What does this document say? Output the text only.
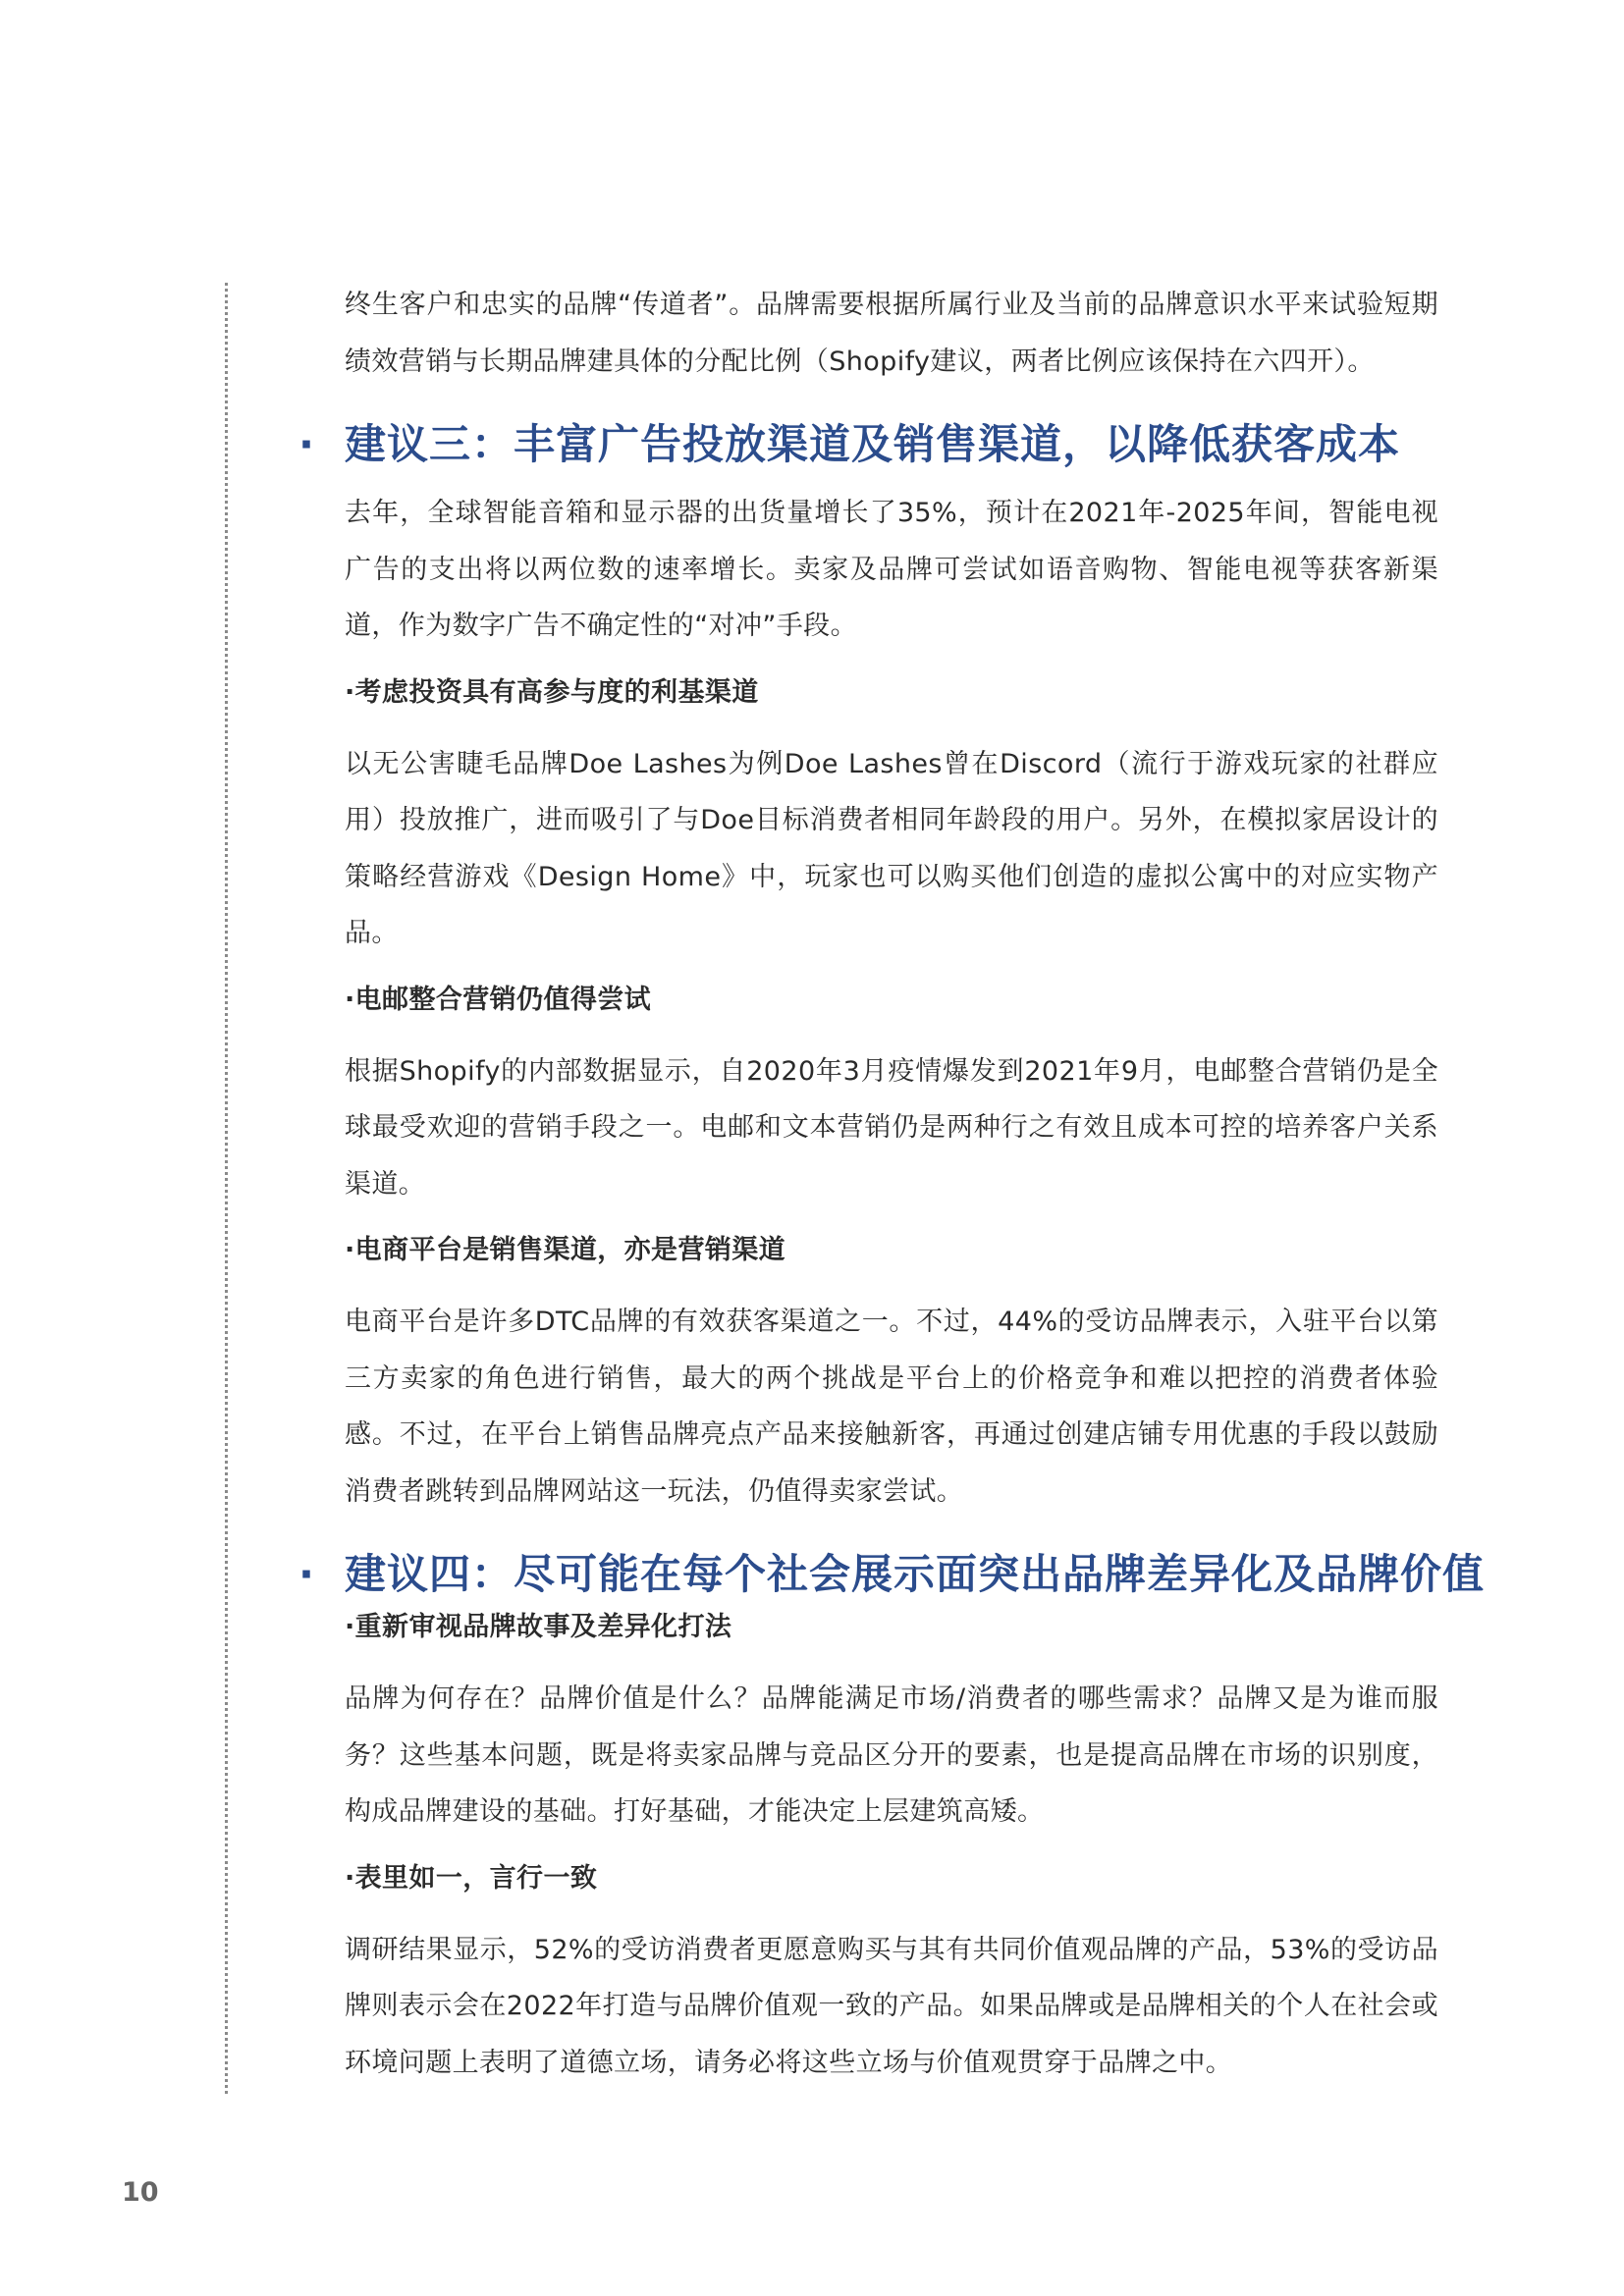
终生客户和忠实的品牌“传道者”。品牌需要根据所属行业及当前的品牌意识水平来试验短期绩效营销与长期品牌建具体的分配比例（Shopify建议，两者比例应该保持在六四开）。

· 建议三：丰富广告投放渠道及销售渠道，以降低获客成本

去年，全球智能音箱和显示器的出货量增长了35%，预计在2021年-2025年间，智能电视广告的支出将以两位数的速率增长。卖家及品牌可尝试如语音购物、智能电视等获客新渠道，作为数字广告不确定性的“对冲”手段。

·考虑投资具有高参与度的利基渠道

以无公害睫毛品牌Doe Lashes为例Doe Lashes曾在Discord（流行于游戏玩家的社群应用）投放推广，进而吸引了与Doe目标消费者相同年龄段的用户。另外，在模拟家居设计的策略经营游戏《Design Home》中，玩家也可以购买他们创造的虚拟公寓中的对应实物产品。

·电邮整合营销仍值得尝试

根据Shopify的内部数据显示，自2020年3月疫情爆发到2021年9月，电邮整合营销仍是全球最受欢迎的营销手段之一。电邮和文本营销仍是两种行之有效且成本可控的培养客户关系渠道。

·电商平台是销售渠道，亦是营销渠道

电商平台是许多DTC品牌的有效获客渠道之一。不过，44%的受访品牌表示，入驻平台以第三方卖家的角色进行销售，最大的两个挑战是平台上的价格竞争和难以把控的消费者体验感。不过，在平台上销售品牌亮点产品来接触新客，再通过创建店铺专用优惠的手段以鼓励消费者跳转到品牌网站这一玩法，仍值得卖家尝试。

· 建议四：尽可能在每个社会展示面突出品牌差异化及品牌价值
·重新审视品牌故事及差异化打法

品牌为何存在？品牌价值是什么？品牌能满足市场/消费者的哪些需求？品牌又是为谁而服务？这些基本问题，既是将卖家品牌与竞品区分开的要素，也是提高品牌在市场的识别度，构成品牌建设的基础。打好基础，才能决定上层建筑高矮。

·表里如一，言行一致

调研结果显示，52%的受访消费者更愿意购买与其有共同价值观品牌的产品，53%的受访品牌则表示会在2022年打造与品牌价值观一致的产品。如果品牌或是品牌相关的个人在社会或环境问题上表明了道德立场，请务必将这些立场与价值观贯穿于品牌之中。

10
